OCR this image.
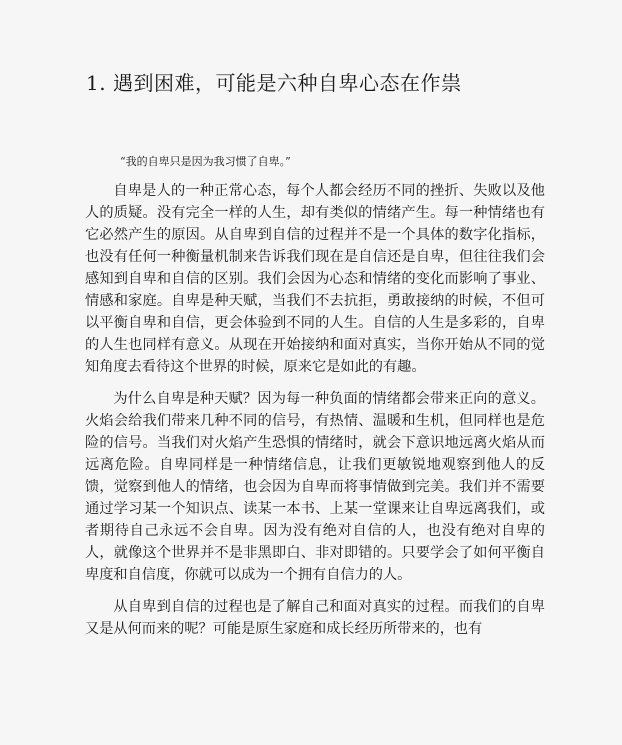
1. 遇到困难，可能是六种自卑心态在作祟

“我的自卑只是因为我习惯了自卑。”

自卑是人的一种正常心态，每个人都会经历不同的挫折、失败以及他人的质疑。没有完全一样的人生，却有类似的情绪产生。每一种情绪也有它必然产生的原因。从自卑到自信的过程并不是一个具体的数字化指标，也没有任何一种衡量机制来告诉我们现在是自信还是自卑，但往往我们会感知到自卑和自信的区别。我们会因为心态和情绪的变化而影响了事业、情感和家庭。自卑是种天赋，当我们不去抗拒，勇敢接纳的时候，不但可以平衡自卑和自信，更会体验到不同的人生。自信的人生是多彩的，自卑的人生也同样有意义。从现在开始接纳和面对真实，当你开始从不同的觉知角度去看待这个世界的时候，原来它是如此的有趣。

为什么自卑是种天赋？因为每一种负面的情绪都会带来正向的意义。火焰会给我们带来几种不同的信号，有热情、温暖和生机，但同样也是危险的信号。当我们对火焰产生恐惧的情绪时，就会下意识地远离火焰从而远离危险。自卑同样是一种情绪信息，让我们更敏锐地观察到他人的反馈，觉察到他人的情绪，也会因为自卑而将事情做到完美。我们并不需要通过学习某一个知识点、读某一本书、上某一堂课来让自卑远离我们，或者期待自己永远不会自卑。因为没有绝对自信的人，也没有绝对自卑的人，就像这个世界并不是非黑即白、非对即错的。只要学会了如何平衡自卑度和自信度，你就可以成为一个拥有自信力的人。

从自卑到自信的过程也是了解自己和面对真实的过程。而我们的自卑又是从何而来的呢？可能是原生家庭和成长经历所带来的，也有
